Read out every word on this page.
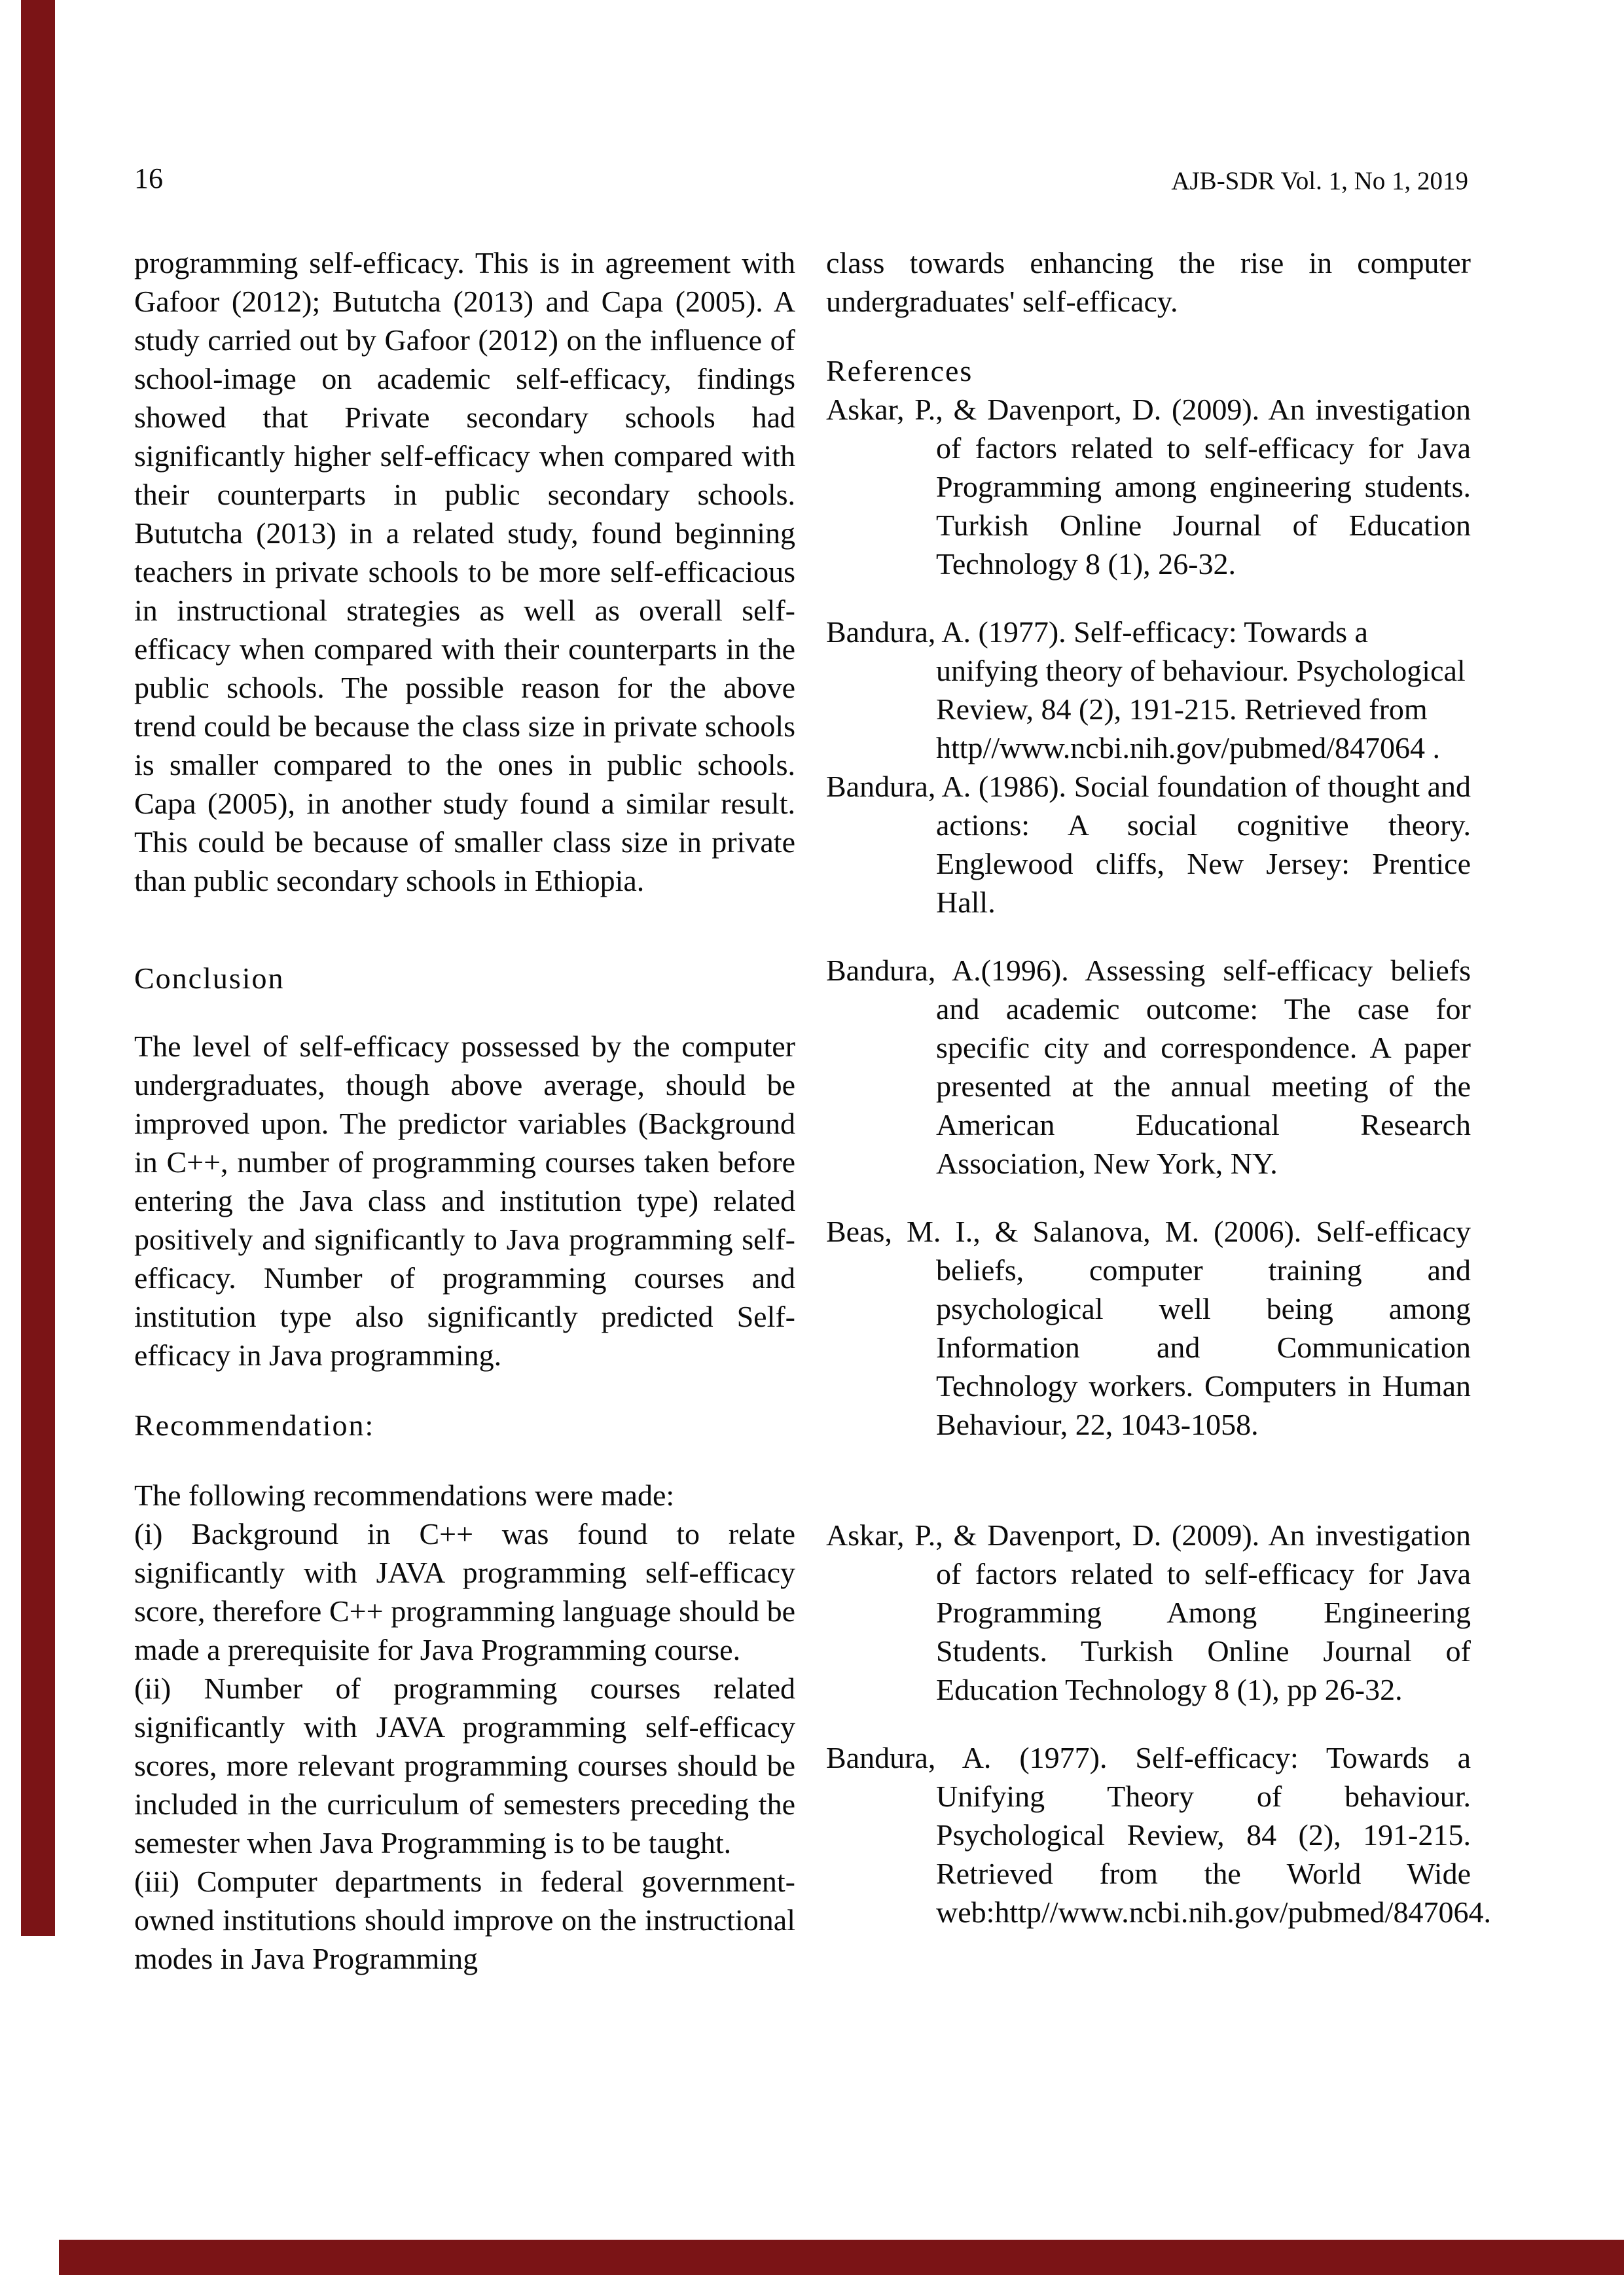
16	AJB-SDR Vol. 1, No 1, 2019

programming self-efficacy. This is in agreement with Gafoor (2012); Bututcha (2013) and Capa (2005). A study carried out by Gafoor (2012) on the influence of school-image on academic self-efficacy, findings showed that Private secondary schools had significantly higher self-efficacy when compared with their counterparts in public secondary schools. Bututcha (2013) in a related study, found beginning teachers in private schools to be more self-efficacious in instructional strategies as well as overall self-efficacy when compared with their counterparts in the public schools. The possible reason for the above trend could be because the class size in private schools is smaller compared to the ones in public schools. Capa (2005), in another study found a similar result. This could be because of smaller class size in private than public secondary schools in Ethiopia.

Conclusion

The level of self-efficacy possessed by the computer undergraduates, though above average, should be improved upon. The predictor variables (Background in C++, number of programming courses taken before entering the Java class and institution type) related positively and significantly to Java programming self-efficacy. Number of programming courses and institution type also significantly predicted Self-efficacy in Java programming.

Recommendation:

The following recommendations were made:

(i) Background in C++ was found to relate significantly with JAVA programming self-efficacy score, therefore C++ programming language should be made a prerequisite for Java Programming course.

(ii) Number of programming courses related significantly with JAVA programming self-efficacy scores, more relevant programming courses should be included in the curriculum of semesters preceding the semester when Java Programming is to be taught.

(iii) Computer departments in federal government-owned institutions should improve on the instructional modes in Java Programming

class towards enhancing the rise in computer undergraduates' self-efficacy.

References

Askar, P., & Davenport, D. (2009). An investigation of factors related to self-efficacy for Java Programming among engineering students. Turkish Online Journal of Education Technology 8 (1), 26-32.

Bandura, A. (1977). Self-efficacy: Towards a unifying theory of behaviour. Psychological Review, 84 (2), 191-215. Retrieved from http//www.ncbi.nih.gov/pubmed/847064 .

Bandura, A. (1986). Social foundation of thought and actions: A social cognitive theory. Englewood cliffs, New Jersey: Prentice Hall.

Bandura, A.(1996). Assessing self-efficacy beliefs and academic outcome: The case for specific city and correspondence. A paper presented at the annual meeting of the American Educational Research Association, New York, NY.

Beas, M. I., & Salanova, M. (2006). Self-efficacy beliefs, computer training and psychological well being among Information and Communication Technology workers. Computers in Human Behaviour, 22, 1043-1058.

Askar, P., & Davenport, D. (2009). An investigation of factors related to self-efficacy for Java Programming Among Engineering Students. Turkish Online Journal of Education Technology 8 (1), pp 26-32.

Bandura, A. (1977). Self-efficacy: Towards a Unifying Theory of behaviour. Psychological Review, 84 (2), 191-215. Retrieved from the World Wide web:http//www.ncbi.nih.gov/pubmed/847064.
